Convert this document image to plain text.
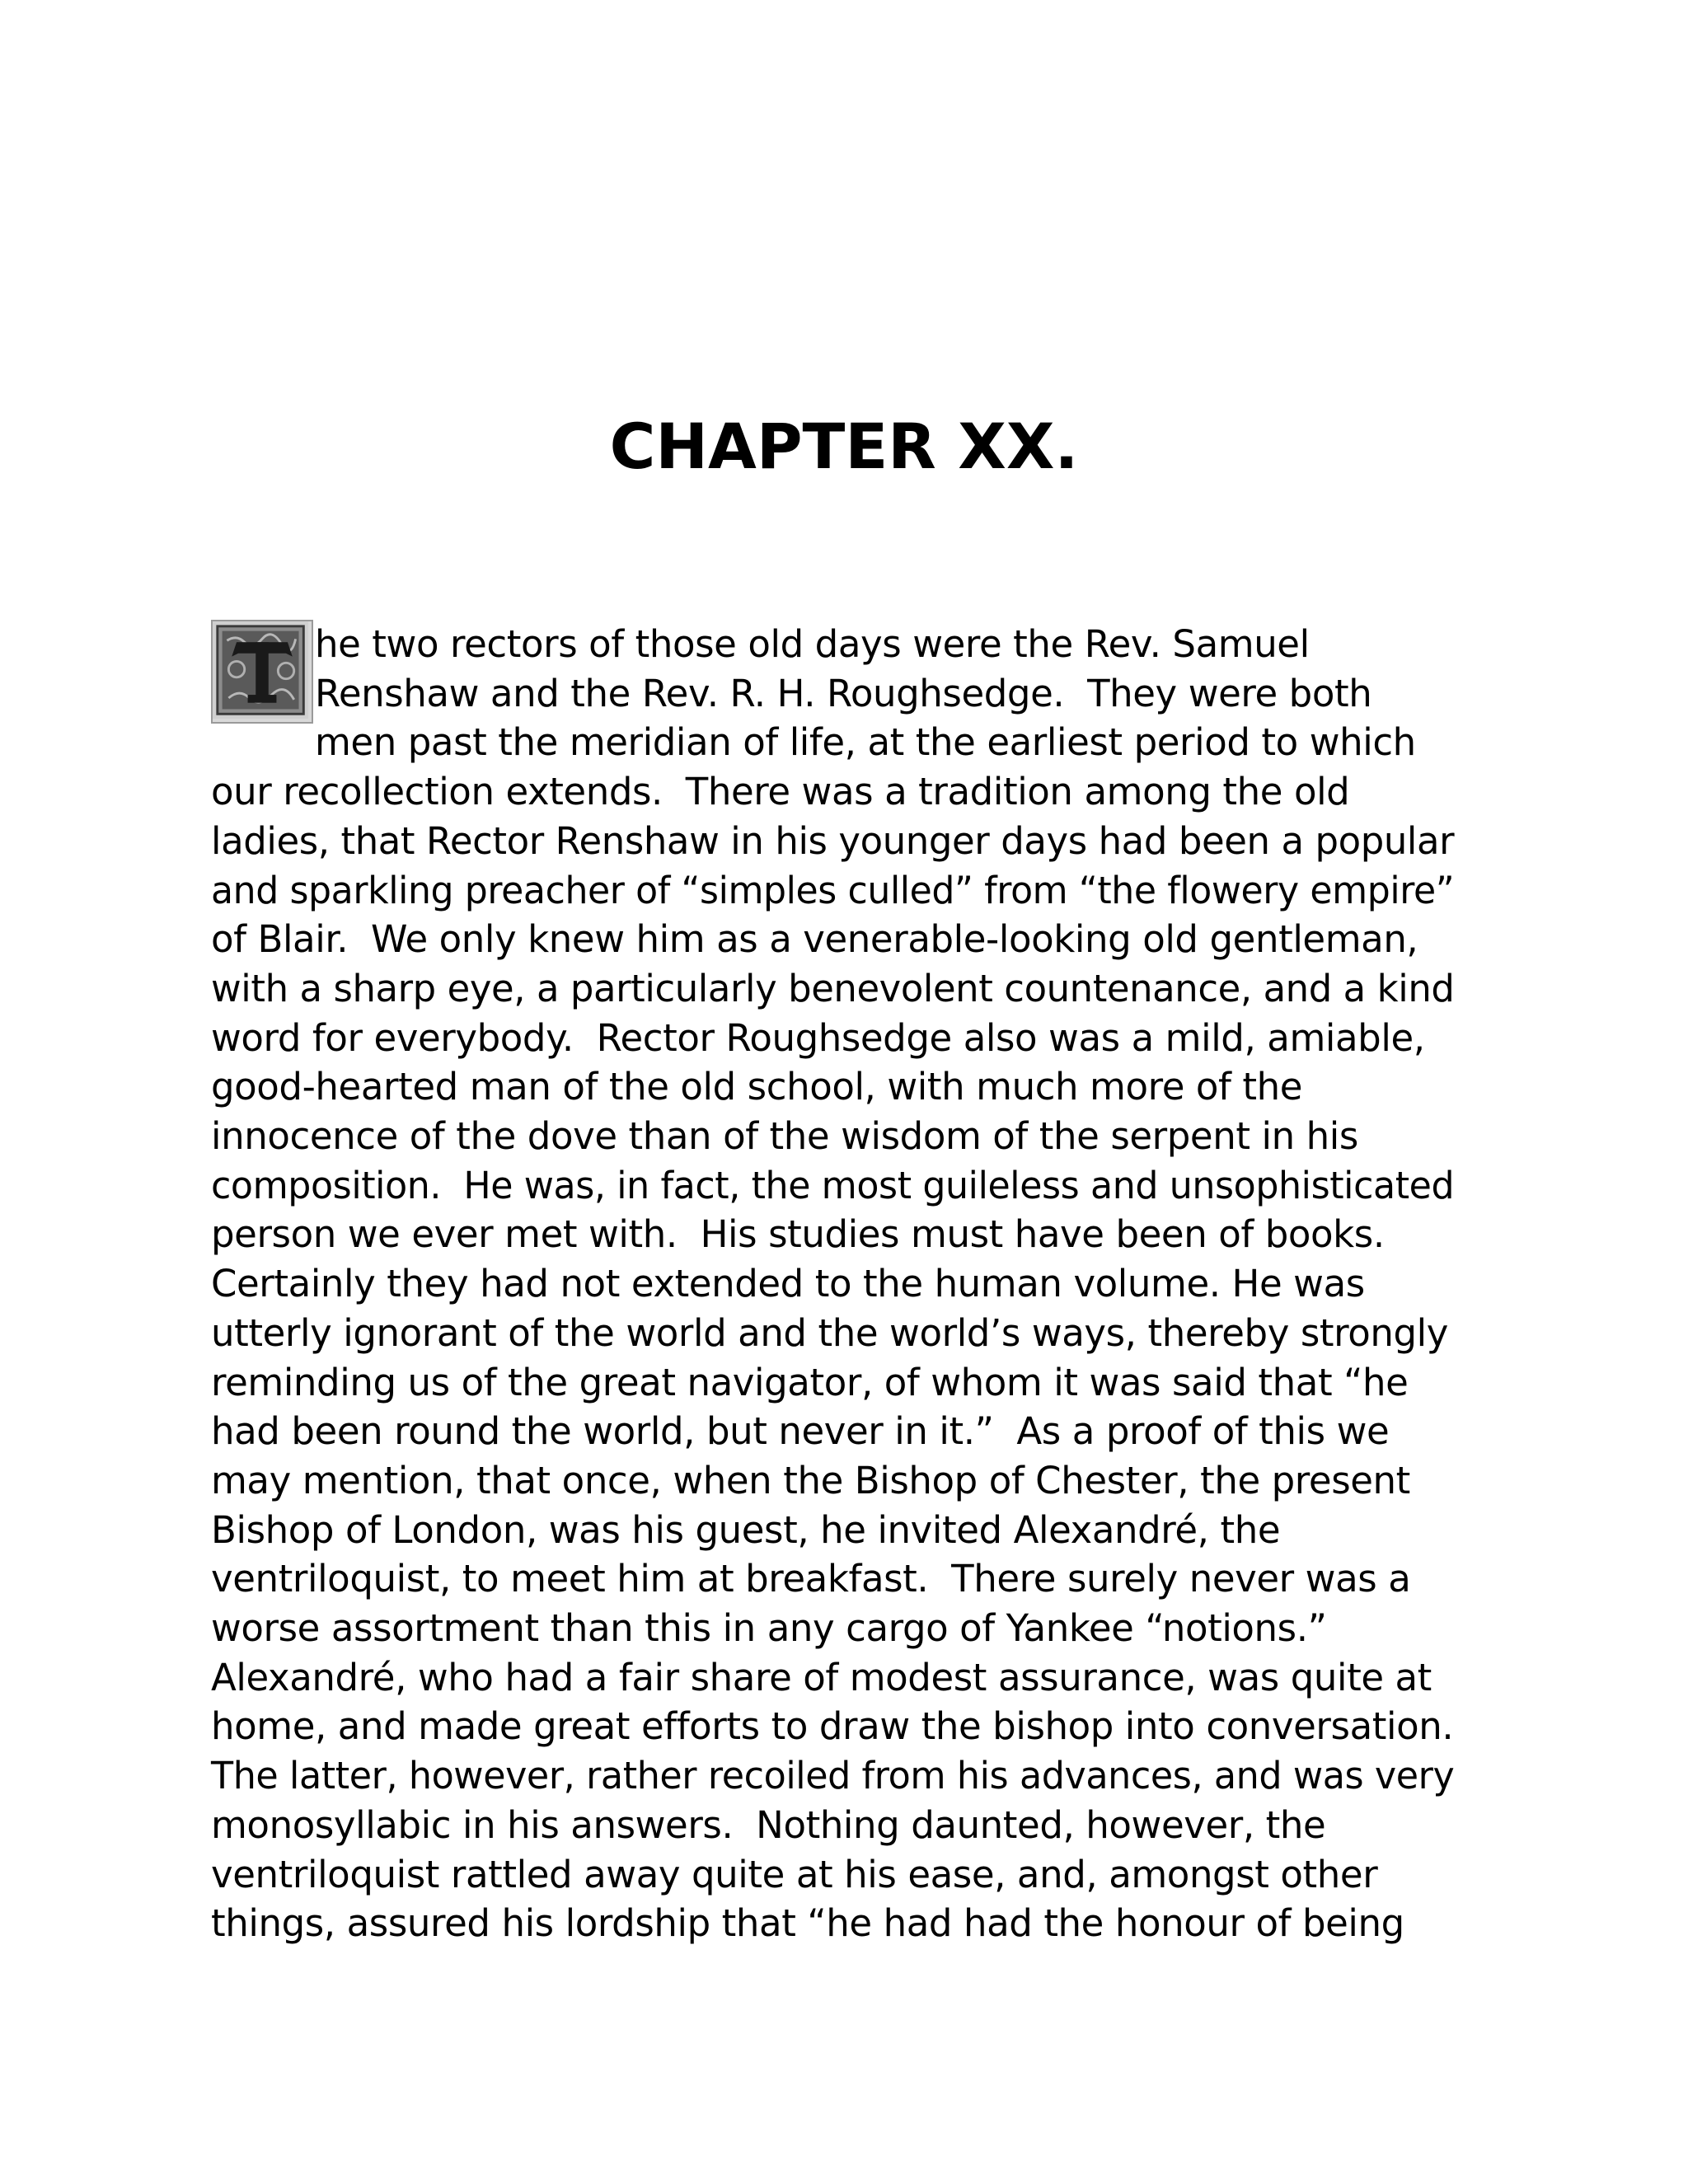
CHAPTER XX.

he two rectors of those old days were the Rev. Samuel

Renshaw and the Rev. R. H. Roughsedge.  They were both

men past the meridian of life, at the earliest period to which

our recollection extends.  There was a tradition among the old

ladies, that Rector Renshaw in his younger days had been a popular

and sparkling preacher of “simples culled” from “the flowery empire”

of Blair.  We only knew him as a venerable-looking old gentleman,

with a sharp eye, a particularly benevolent countenance, and a kind

word for everybody.  Rector Roughsedge also was a mild, amiable,

good-hearted man of the old school, with much more of the

innocence of the dove than of the wisdom of the serpent in his

composition.  He was, in fact, the most guileless and unsophisticated

person we ever met with.  His studies must have been of books.

Certainly they had not extended to the human volume. He was

utterly ignorant of the world and the world’s ways, thereby strongly

reminding us of the great navigator, of whom it was said that “he

had been round the world, but never in it.”  As a proof of this we

may mention, that once, when the Bishop of Chester, the present

Bishop of London, was his guest, he invited Alexandré, the

ventriloquist, to meet him at breakfast.  There surely never was a

worse assortment than this in any cargo of Yankee “notions.”

Alexandré, who had a fair share of modest assurance, was quite at

home, and made great efforts to draw the bishop into conversation.

The latter, however, rather recoiled from his advances, and was very

monosyllabic in his answers.  Nothing daunted, however, the

ventriloquist rattled away quite at his ease, and, amongst other

things, assured his lordship that “he had had the honour of being
